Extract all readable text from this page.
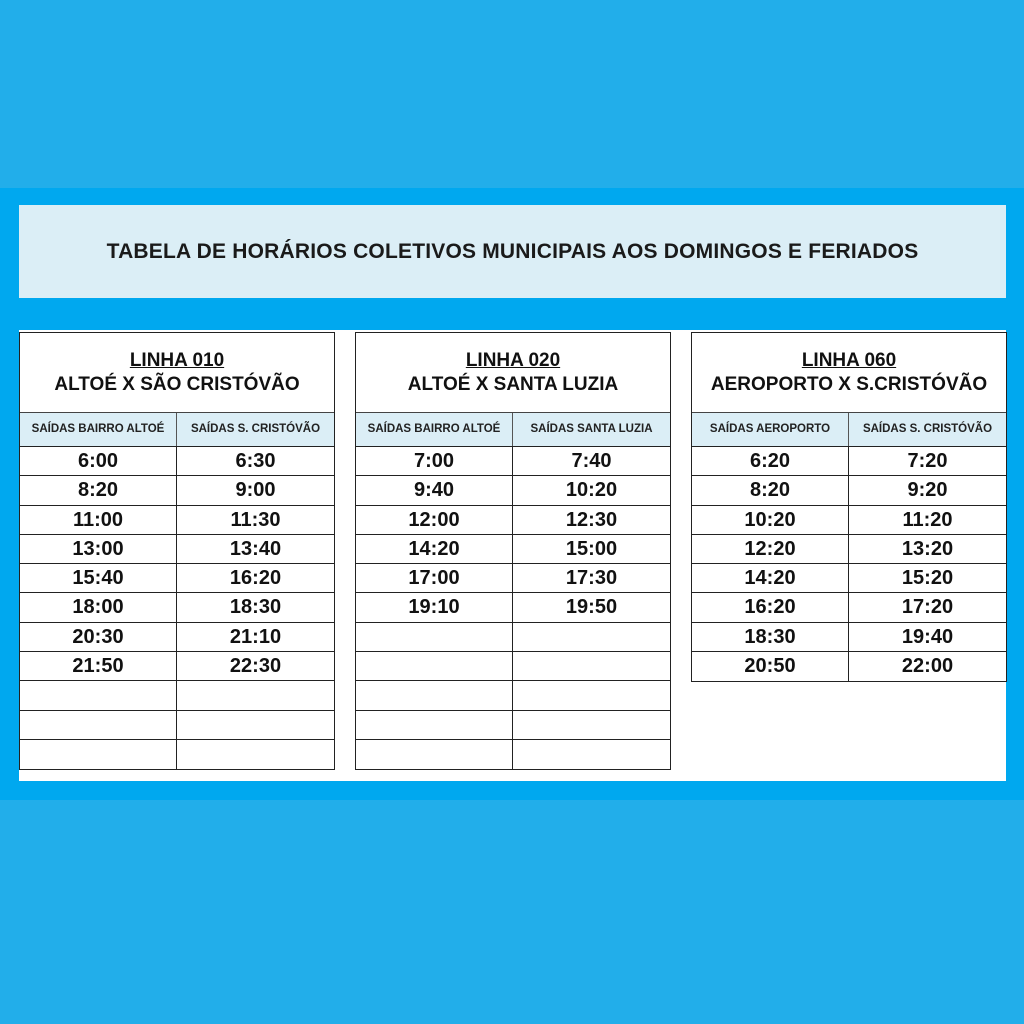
TABELA DE HORÁRIOS COLETIVOS MUNICIPAIS AOS DOMINGOS E FERIADOS
LINHA 010
ALTOÉ X SÃO CRISTÓVÃO
SAÍDAS BAIRRO ALTOÉ	SAÍDAS S. CRISTÓVÃO
6:00	6:30
8:20	9:00
11:00	11:30
13:00	13:40
15:40	16:20
18:00	18:30
20:30	21:10
21:50	22:30
LINHA 020
ALTOÉ X SANTA LUZIA
SAÍDAS BAIRRO ALTOÉ	SAÍDAS SANTA LUZIA
7:00	7:40
9:40	10:20
12:00	12:30
14:20	15:00
17:00	17:30
19:10	19:50
LINHA 060
AEROPORTO X S.CRISTÓVÃO
SAÍDAS AEROPORTO	SAÍDAS S. CRISTÓVÃO
6:20	7:20
8:20	9:20
10:20	11:20
12:20	13:20
14:20	15:20
16:20	17:20
18:30	19:40
20:50	22:00
